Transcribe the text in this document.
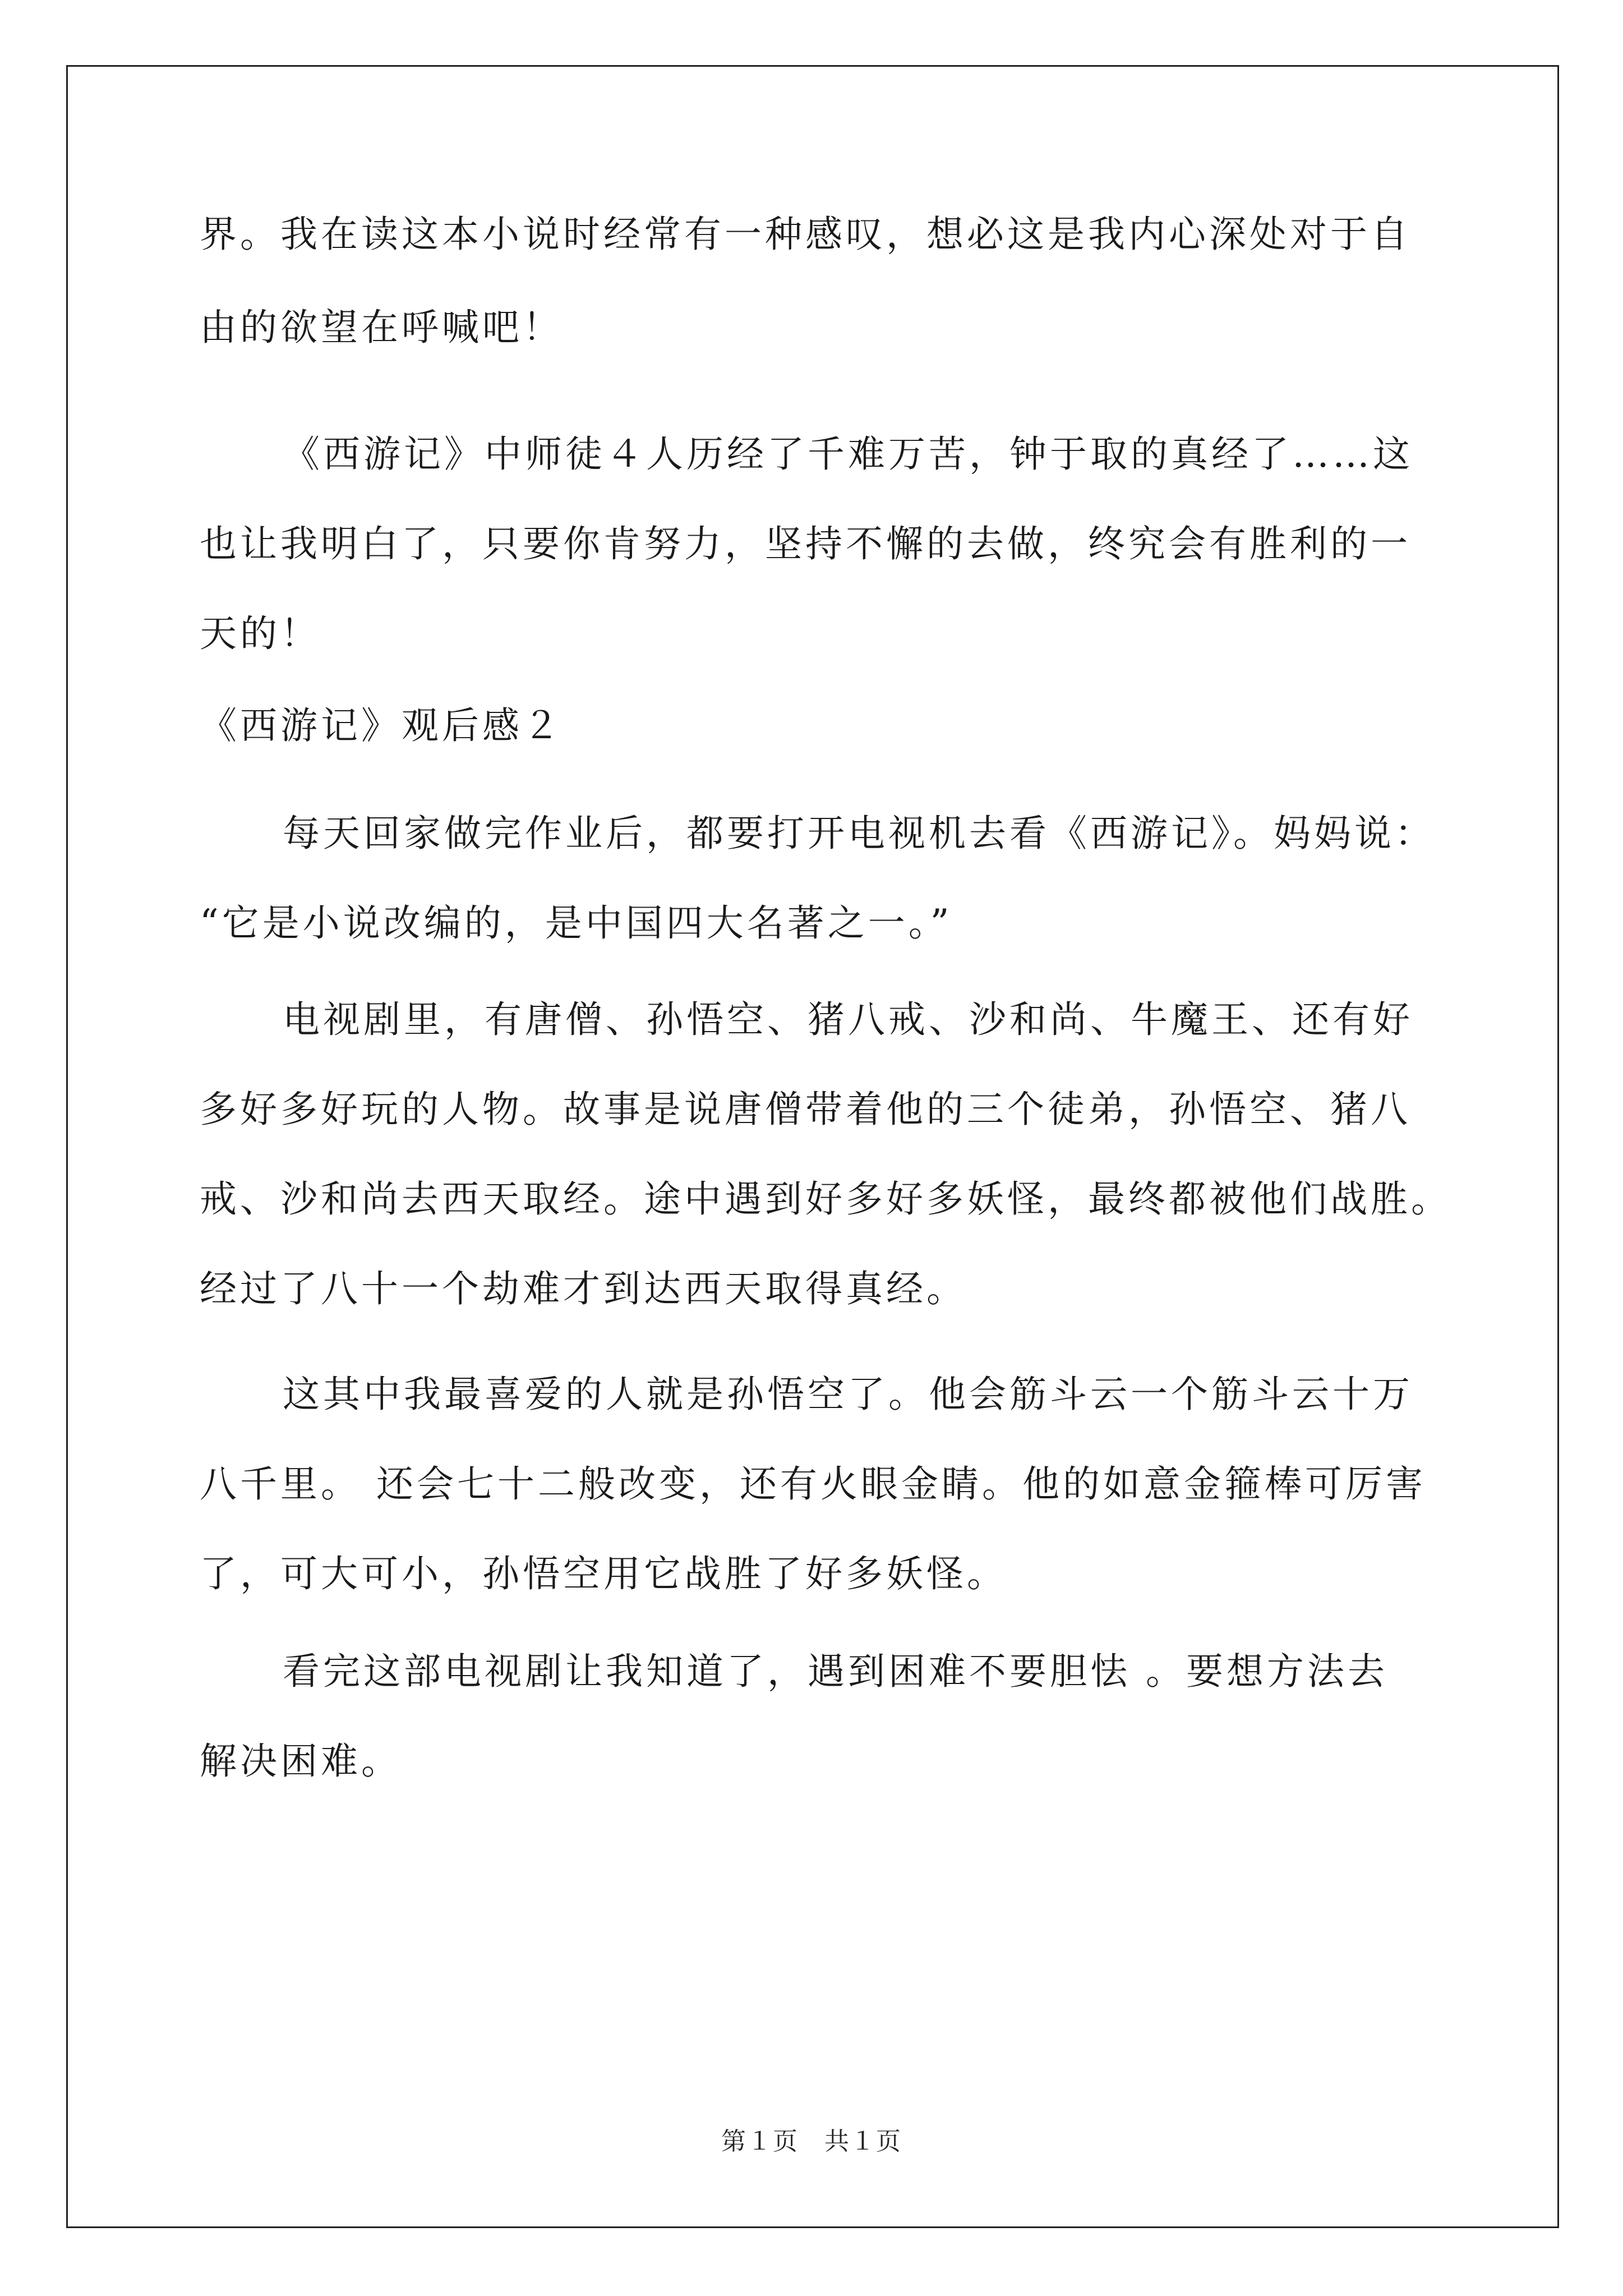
界。我在读这本小说时经常有一种感叹，想必这是我内心深处对于自
由的欲望在呼喊吧！
《西游记》中师徒４人历经了千难万苦，钟于取的真经了……这
也让我明白了，只要你肯努力，坚持不懈的去做，终究会有胜利的一
天的！
《西游记》观后感２
每天回家做完作业后，都要打开电视机去看《西游记》。妈妈说：
“它是小说改编的，是中国四大名著之一。”
电视剧里，有唐僧、孙悟空、猪八戒、沙和尚、牛魔王、还有好
多好多好玩的人物。故事是说唐僧带着他的三个徒弟，孙悟空、猪八
戒、沙和尚去西天取经。途中遇到好多好多妖怪，最终都被他们战胜。
经过了八十一个劫难才到达西天取得真经。
这其中我最喜爱的人就是孙悟空了。他会筋斗云一个筋斗云十万
八千里。 还会七十二般改变，还有火眼金睛。他的如意金箍棒可厉害
了，可大可小，孙悟空用它战胜了好多妖怪。
看完这部电视剧让我知道了，遇到困难不要胆怯 。要想方法去
解决困难。
第１页　共１页
